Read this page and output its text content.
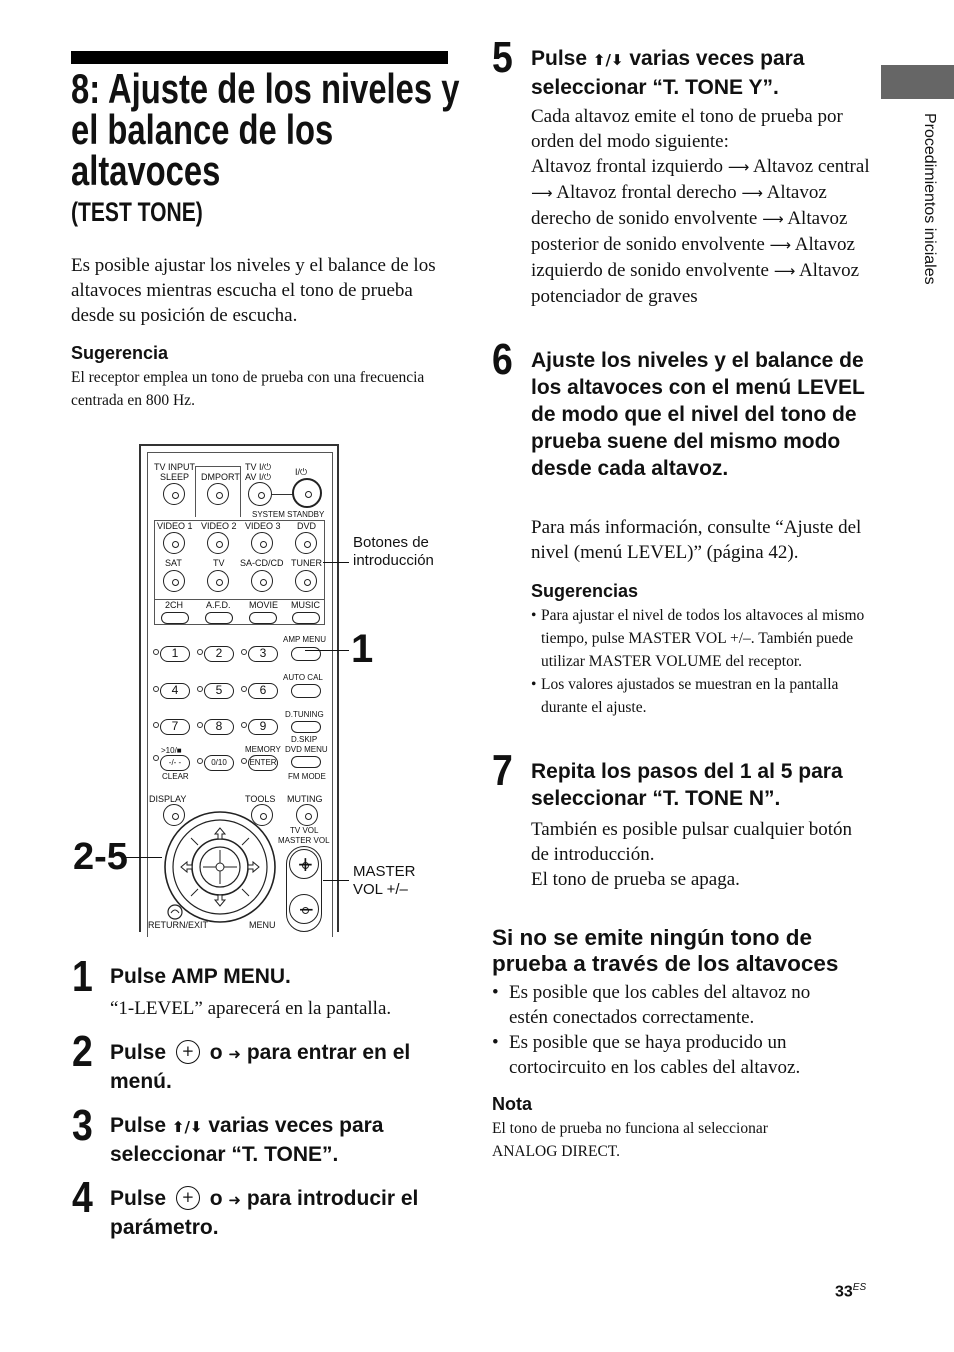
8: Ajuste de los niveles y
el balance de los
altavoces
(TEST TONE)
Es posible ajustar los niveles y el balance de los altavoces mientras escucha el tono de prueba desde su posición de escucha.
Sugerencia
El receptor emplea un tono de prueba con una frecuencia centrada en 800 Hz.
TV INPUT
SLEEP DMPORT
TV I/⏻
AV I/⏻	I/⏻
SYSTEM STANDBY
VIDEO 1 VIDEO 2 VIDEO 3 DVD
SAT	TV SA-CD/CD TUNER
2CH	A.F.D. MOVIE MUSIC
AMP MENU
1	2	3
AUTO CAL
4	5	6
D.TUNING
7	8	9
D.SKIP
DVD MENU
MEMORY
>10/■
-/- -	0/10	ENTER
CLEAR	FM MODE
DISPLAY	TOOLS MUTING
TV VOL
MASTER VOL
+
−
RETURN/EXIT	MENU
Botones de introducción
1
MASTER VOL +/–
2-5
1 Pulse AMP MENU.
“1-LEVEL” aparecerá en la pantalla.
2 Pulse + o ➜ para entrar en el menú.
3 Pulse ⬆/⬇ varias veces para seleccionar “T. TONE”.
4 Pulse + o ➜ para introducir el parámetro.
5 Pulse ⬆/⬇ varias veces para seleccionar “T. TONE Y”.
Cada altavoz emite el tono de prueba por orden del modo siguiente:
Altavoz frontal izquierdo ⟶ Altavoz central ⟶ Altavoz frontal derecho ⟶ Altavoz derecho de sonido envolvente ⟶ Altavoz posterior de sonido envolvente ⟶ Altavoz izquierdo de sonido envolvente ⟶ Altavoz potenciador de graves
6 Ajuste los niveles y el balance de los altavoces con el menú LEVEL de modo que el nivel del tono de prueba suene del mismo modo desde cada altavoz.
Para más información, consulte “Ajuste del nivel (menú LEVEL)” (página 42).
Sugerencias
• Para ajustar el nivel de todos los altavoces al mismo tiempo, pulse MASTER VOL +/–. También puede utilizar MASTER VOLUME del receptor.
• Los valores ajustados se muestran en la pantalla durante el ajuste.
7 Repita los pasos del 1 al 5 para seleccionar “T. TONE N”.
También es posible pulsar cualquier botón de introducción.
El tono de prueba se apaga.
Si no se emite ningún tono de prueba a través de los altavoces
• Es posible que los cables del altavoz no estén conectados correctamente.
• Es posible que se haya producido un cortocircuito en los cables del altavoz.
Nota
El tono de prueba no funciona al seleccionar ANALOG DIRECT.
Procedimientos iniciales
$33^{ES}$
